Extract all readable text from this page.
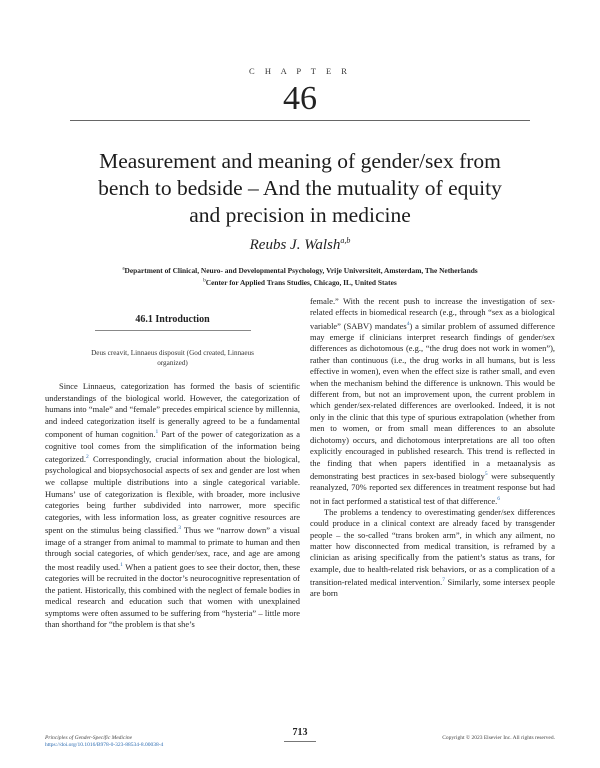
C H A P T E R
46
Measurement and meaning of gender/sex from
bench to bedside – And the mutuality of equity
and precision in medicine
Reubs J. Walsh$^{a,b}$
$^a$Department of Clinical, Neuro- and Developmental Psychology, Vrije Universiteit, Amsterdam, The Netherlands
$^b$Center for Applied Trans Studies, Chicago, IL, United States
46.1 Introduction
Deus creavit, Linnaeus disposuit (God created, Linnaeus
organized)

Since Linnaeus, categorization has formed the basis of scientific understandings of the biological world. However, the categorization of humans into “male” and “female” precedes empirical science by millennia, and indeed categorization itself is generally agreed to be a fundamental component of human cognition.$^1$ Part of the power of categorization as a cognitive tool comes from the simplification of the information being categorized.$^2$ Correspondingly, crucial information about the biological, psychological and biopsychosocial aspects of sex and gender are lost when we collapse multiple distributions into a single categorical variable. Humans’ use of categorization is flexible, with broader, more inclusive categories being further subdivided into narrower, more specific categories, with less information loss, as greater cognitive resources are spent on the stimulus being classified.$^3$ Thus we “narrow down” a visual image of a stranger from animal to mammal to primate to human and then through social categories, of which gender/sex, race, and age are among the most readily used.$^1$ When a patient goes to see their doctor, then, these categories will be recruited in the doctor’s neurocognitive representation of the patient. Historically, this combined with the neglect of female bodies in medical research and education such that women with unexplained symptoms were often assumed to be suffering from “hysteria” – little more than shorthand for “the problem is that she’s

female.” With the recent push to increase the investigation of sex-related effects in biomedical research (e.g., through “sex as a biological variable” (SABV) mandates$^4$) a similar problem of assumed difference may emerge if clinicians interpret research findings of gender/sex differences as dichotomous (e.g., “the drug does not work in women”), rather than continuous (i.e., the drug works in all humans, but is less effective in women), even when the effect size is rather small, and even when the mechanism behind the difference is unknown. This would be different from, but not an improvement upon, the current problem in which gender/sex-related differences are overlooked. Indeed, it is not only in the clinic that this type of spurious extrapolation (whether from men to women, or from small mean differences to an absolute dichotomy) occurs, and dichotomous interpretations are all too often explicitly encouraged in published research. This trend is reflected in the finding that when papers identified in a metaanalysis as demonstrating best practices in sex-based biology$^5$ were subsequently reanalyzed, 70% reported sex differences in treatment response but had not in fact performed a statistical test of that difference.$^6$

The problems a tendency to overestimating gender/sex differences could produce in a clinical context are already faced by transgender people – the so-called “trans broken arm”, in which any ailment, no matter how disconnected from medical transition, is reframed by a clinician as arising specifically from the patient’s status as trans, for example, due to health-related risk behaviors, or as a complication of a transition-related medical intervention.$^7$ Similarly, some intersex people are born

Principles of Gender-Specific Medicine
https://doi.org/10.1016/B978-0-323-88534-8.00038-4
713	Copyright © 2023 Elsevier Inc. All rights reserved.
